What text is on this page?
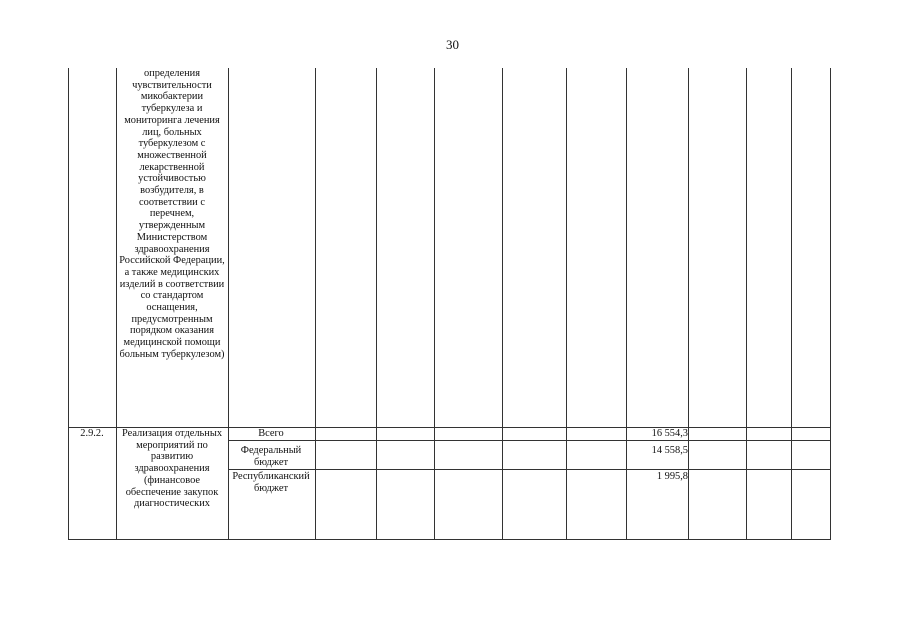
30
определения чувствительности микобактерии туберкулеза и мониторинга лечения лиц, больных туберкулезом с множественной лекарственной устойчивостью возбудителя, в соответствии с перечнем, утвержденным Министерством здравоохранения Российской Федерации, а также медицинских изделий в соответствии со стандартом оснащения, предусмотренным порядком оказания медицинской помощи больным туберкулезом)
2.9.2.	Реализация отдельных мероприятий по развитию здравоохранения (финансовое обеспечение закупок диагностических
Всего	16 554,3
Федеральный бюджет
14 558,5
Республиканский бюджет
1 995,8
